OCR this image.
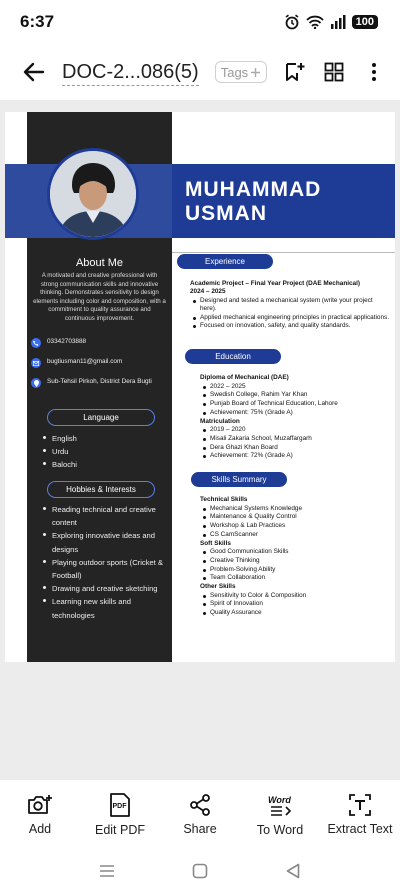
6:37	100
DOC-2...086(5) Tags
MUHAMMAD
USMAN
About Me
A motivated and creative professional with strong communication skills and innovative thinking. Demonstrates sensitivity to design elements including color and composition, with a commitment to quality assurance and continuous improvement.
03342703888
bugtiusman11@gmail.com
Sub-Tehsil Pirkoh, District Dera Bugti
Language
English
Urdu
Balochi
Hobbies & Interests
Reading technical and creative content
Exploring innovative ideas and designs
Playing outdoor sports (Cricket & Football)
Drawing and creative sketching
Learning new skills and technologies
Experience
Academic Project – Final Year Project (DAE Mechanical)
2024 – 2025
Designed and tested a mechanical system (write your project here).
Applied mechanical engineering principles in practical applications.
Focused on innovation, safety, and quality standards.
Education
Diploma of Mechanical (DAE)
2022 – 2025
Swedish College, Rahim Yar Khan
Punjab Board of Technical Education, Lahore
Achievement: 75% (Grade A)
Matriculation
2019 – 2020
Misali Zakaria School, Muzaffargarh
Dera Ghazi Khan Board
Achievement: 72% (Grade A)
Skills Summary
Technical Skills
Mechanical Systems Knowledge
Maintenance & Quality Control
Workshop & Lab Practices
CS CamScanner
Soft Skills
Good Communication Skills
Creative Thinking
Problem-Solving Ability
Team Collaboration
Other Skills
Sensitivity to Color & Composition
Spirit of Innovation
Quality Assurance
Add
PDF
Edit PDF	Share
Word
To Word Extract Text
